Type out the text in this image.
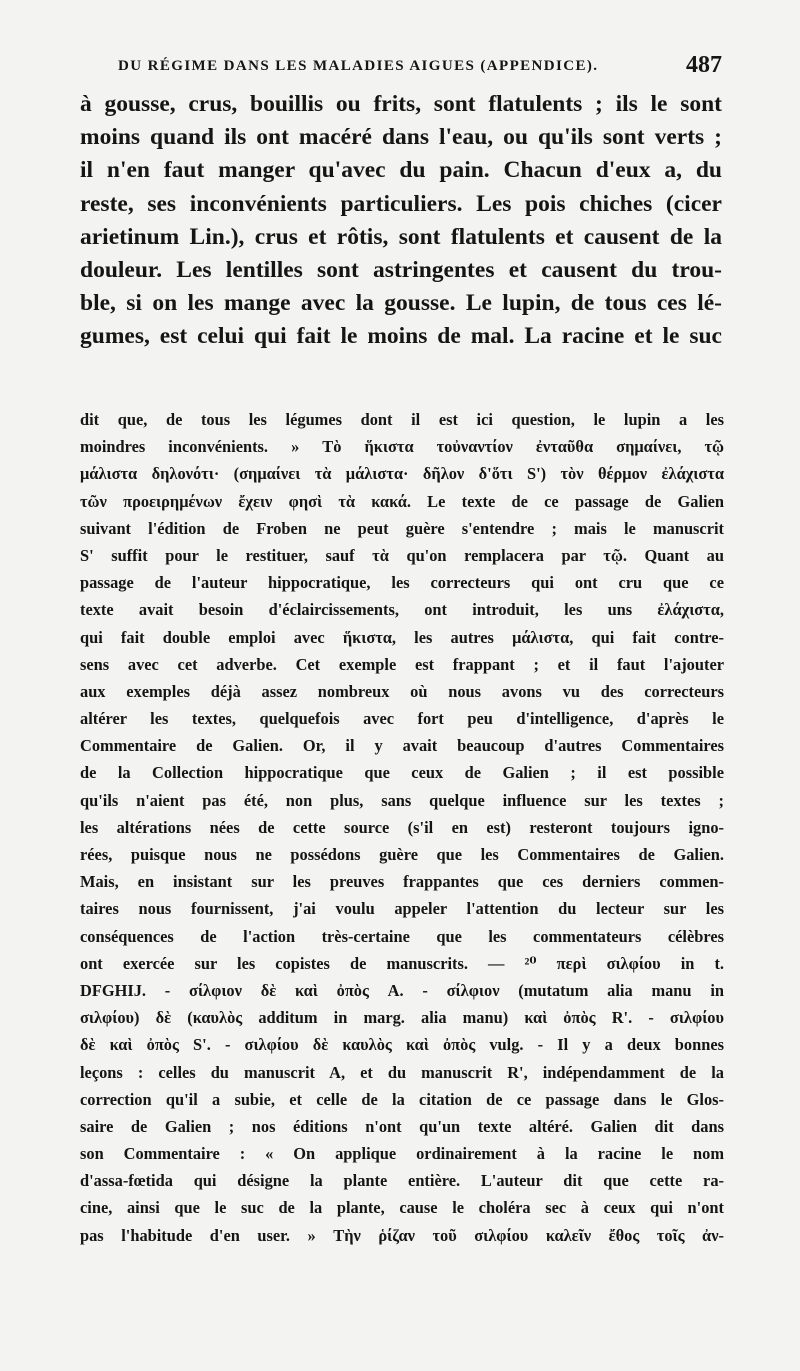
DU RÉGIME DANS LES MALADIES AIGUES (APPENDICE).	487
à gousse, crus, bouillis ou frits, sont flatulents ; ils le sont
moins quand ils ont macéré dans l'eau, ou qu'ils sont verts ;
il n'en faut manger qu'avec du pain. Chacun d'eux a, du
reste, ses inconvénients particuliers. Les pois chiches (cicer
arietinum Lin.), crus et rôtis, sont flatulents et causent de la
douleur. Les lentilles sont astringentes et causent du trou-
ble, si on les mange avec la gousse. Le lupin, de tous ces lé-
gumes, est celui qui fait le moins de mal. La racine et le suc
dit que, de tous les légumes dont il est ici question, le lupin a les
moindres inconvénients. » Τὸ ἥκιστα τοὐναντίον ἐνταῦθα σημαίνει, τῷ
μάλιστα δηλονότι· (σημαίνει τὰ μάλιστα· δῆλον δ'ὅτι S') τὸν θέρμον ἐλάχιστα
τῶν προειρημένων ἔχειν φησὶ τὰ κακά. Le texte de ce passage de Galien
suivant l'édition de Froben ne peut guère s'entendre ; mais le manuscrit
S' suffit pour le restituer, sauf τὰ qu'on remplacera par τῷ. Quant au
passage de l'auteur hippocratique, les correcteurs qui ont cru que ce
texte avait besoin d'éclaircissements, ont introduit, les uns ἐλάχιστα,
qui fait double emploi avec ἥκιστα, les autres μάλιστα, qui fait contre-
sens avec cet adverbe. Cet exemple est frappant ; et il faut l'ajouter
aux exemples déjà assez nombreux où nous avons vu des correcteurs
altérer les textes, quelquefois avec fort peu d'intelligence, d'après le
Commentaire de Galien. Or, il y avait beaucoup d'autres Commentaires
de la Collection hippocratique que ceux de Galien ; il est possible
qu'ils n'aient pas été, non plus, sans quelque influence sur les textes ;
les altérations nées de cette source (s'il en est) resteront toujours igno-
rées, puisque nous ne possédons guère que les Commentaires de Galien.
Mais, en insistant sur les preuves frappantes que ces derniers commen-
taires nous fournissent, j'ai voulu appeler l'attention du lecteur sur les
conséquences de l'action très-certaine que les commentateurs célèbres
ont exercée sur les copistes de manuscrits. — ²⁰ περὶ σιλφίου in t.
DFGHIJ. - σίλφιον δὲ καὶ ὀπὸς A. - σίλφιον (mutatum alia manu in
σιλφίου) δὲ (καυλὸς additum in marg. alia manu) καὶ ὀπὸς R'. - σιλφίου
δὲ καὶ ὀπὸς S'. - σιλφίου δὲ καυλὸς καὶ ὀπὸς vulg. - Il y a deux bonnes
leçons : celles du manuscrit A, et du manuscrit R', indépendamment de la
correction qu'il a subie, et celle de la citation de ce passage dans le Glos-
saire de Galien ; nos éditions n'ont qu'un texte altéré. Galien dit dans
son Commentaire : « On applique ordinairement à la racine le nom
d'assa-fœtida qui désigne la plante entière. L'auteur dit que cette ra-
cine, ainsi que le suc de la plante, cause le choléra sec à ceux qui n'ont
pas l'habitude d'en user. » Τὴν ῥίζαν τοῦ σιλφίου καλεῖν ἔθος τοῖς ἀν-
